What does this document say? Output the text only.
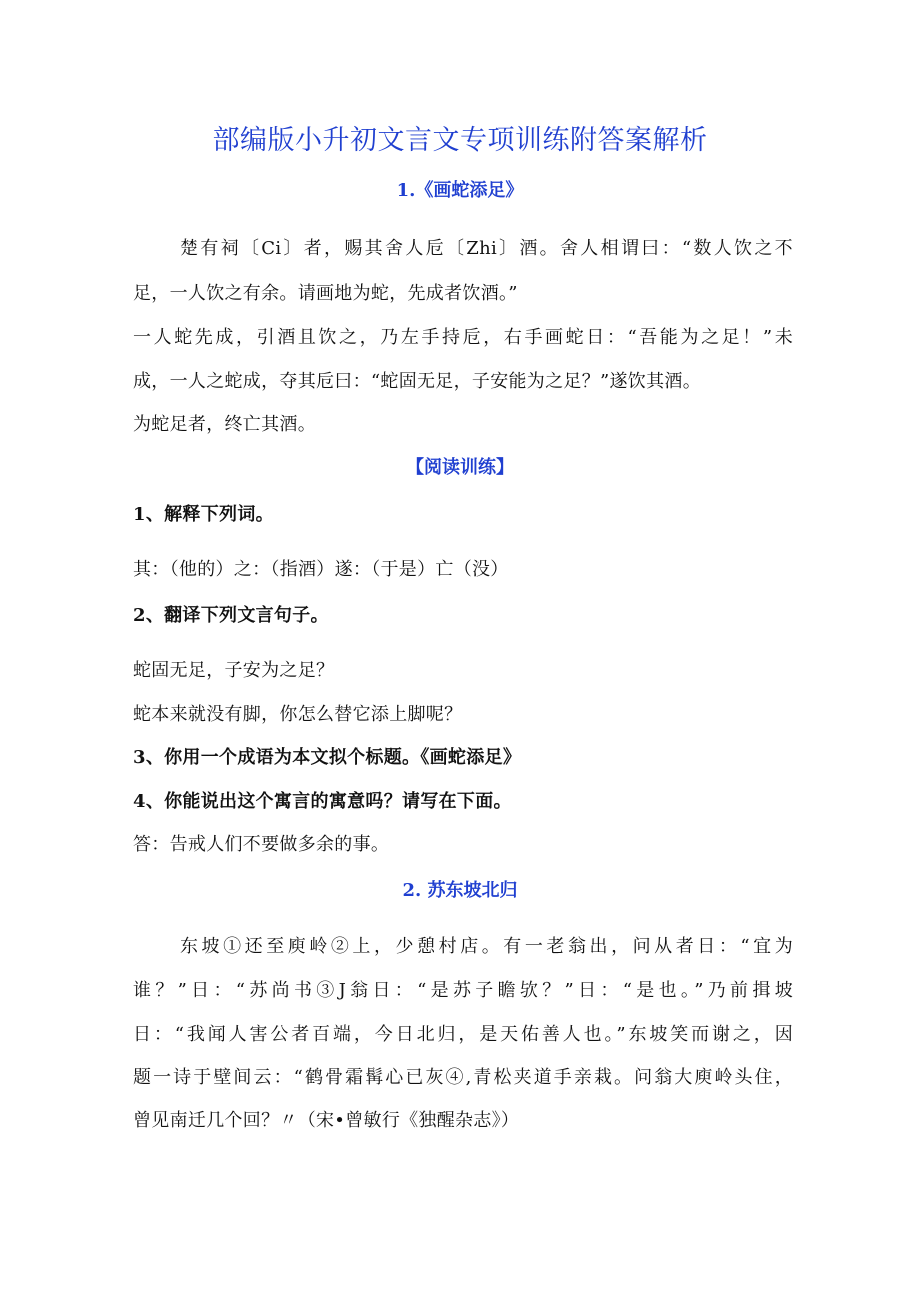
部编版小升初文言文专项训练附答案解析
1.《画蛇添足》
楚有祠〔Ci〕者，赐其舍人卮〔Zhi〕酒。舍人相谓曰：“数人饮之不
足，一人饮之有余。请画地为蛇，先成者饮酒。”
一人蛇先成，引酒且饮之，乃左手持卮，右手画蛇日：“吾能为之足！”未
成，一人之蛇成，夺其卮曰：“蛇固无足，子安能为之足？”遂饮其酒。
为蛇足者，终亡其酒。
【阅读训练】
1、解释下列词。
其：（他的）之：（指酒）遂：（于是）亡（没）
2、翻译下列文言句子。
蛇固无足，子安为之足？
蛇本来就没有脚，你怎么替它添上脚呢？
3、你用一个成语为本文拟个标题。《画蛇添足》
4、你能说出这个寓言的寓意吗？请写在下面。
答：告戒人们不要做多余的事。
2. 苏东坡北归
东坡①还至庾岭②上，少憩村店。有一老翁出，问从者日：“宜为
谁？”日：“苏尚书③J翁日：“是苏子瞻欤？”日：“是也。”乃前揖坡
日：“我闻人害公者百端，今日北归，是天佑善人也。”东坡笑而谢之，因
题一诗于壁间云：“鹤骨霜髯心已灰④,青松夹道手亲栽。问翁大庾岭头住，
曾见南迁几个回？〃（宋•曾敏行《独醒杂志》）
